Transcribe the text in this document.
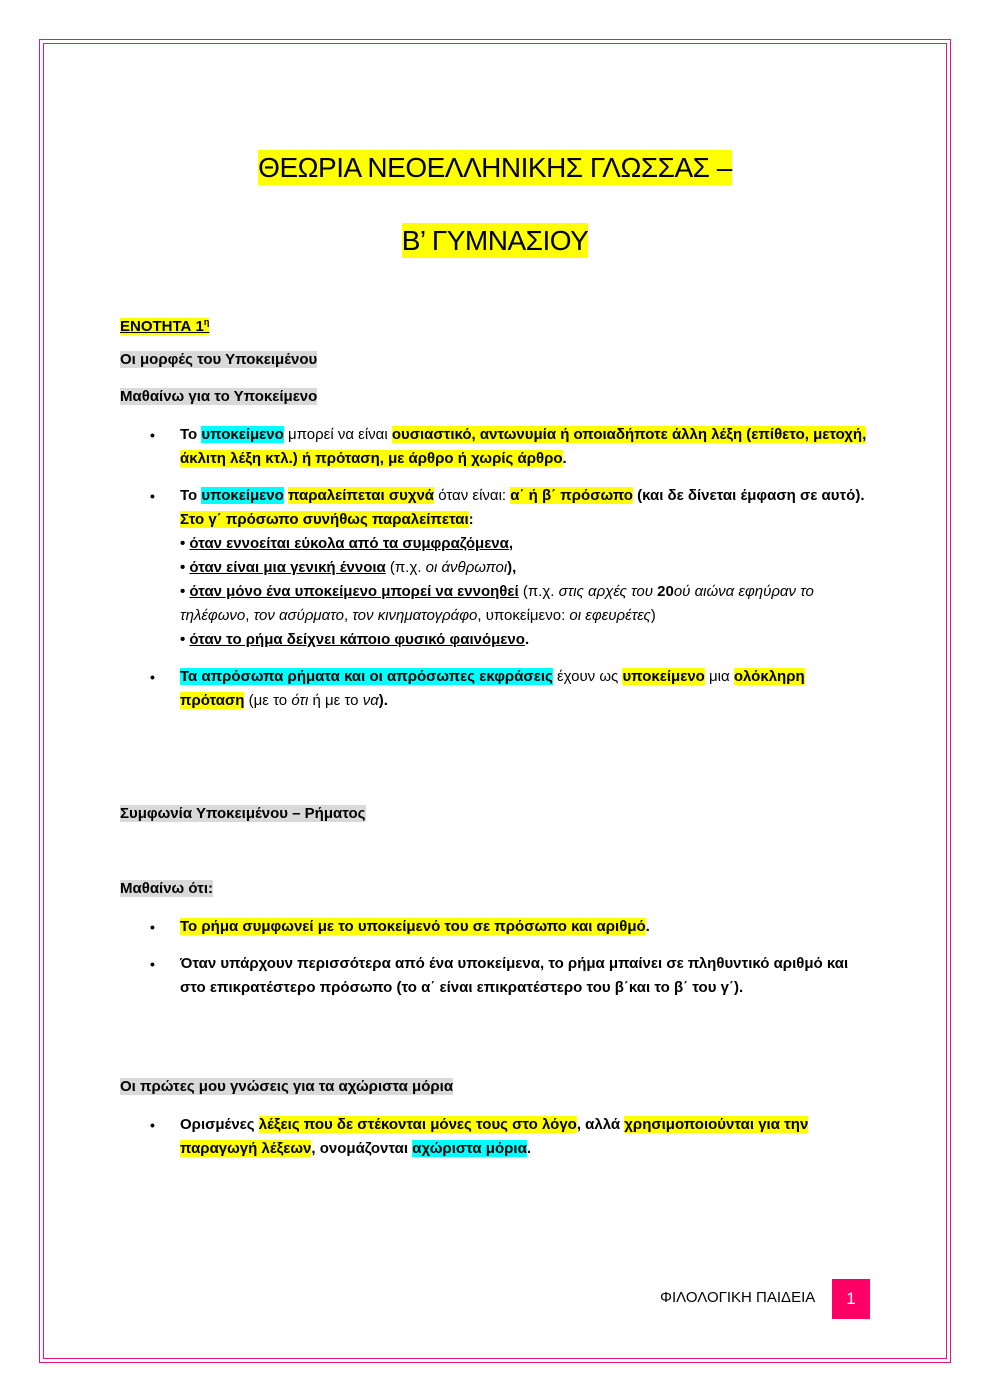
ΘΕΩΡΙΑ ΝΕΟΕΛΛΗΝΙΚΗΣ ΓΛΩΣΣΑΣ –
Β’ ΓΥΜΝΑΣΙΟΥ
ΕΝΟΤΗΤΑ $1^\eta$
Οι μορφές του Υποκειμένου
Μαθαίνω για το Υποκείμενο
• Το υποκείμενο μπορεί να είναι ουσιαστικό, αντωνυμία ή οποιαδήποτε άλλη λέξη (επίθετο, μετοχή, άκλιτη λέξη κτλ.) ή πρόταση, με άρθρο ή χωρίς άρθρο.
• Το υποκείμενο παραλείπεται συχνά όταν είναι: α΄ ή β΄ πρόσωπο (και δε δίνεται έμφαση σε αυτό). Στο γ΄ πρόσωπο συνήθως παραλείπεται:
• όταν εννοείται εύκολα από τα συμφραζόμενα,
• όταν είναι μια γενική έννοια (π.χ. οι άνθρωποι),
• όταν μόνο ένα υποκείμενο μπορεί να εννοηθεί (π.χ. στις αρχές του 20ού αιώνα εφηύραν το τηλέφωνο, τον ασύρματο, τον κινηματογράφο, υποκείμενο: οι εφευρέτες)
• όταν το ρήμα δείχνει κάποιο φυσικό φαινόμενο.
• Τα απρόσωπα ρήματα και οι απρόσωπες εκφράσεις έχουν ως υποκείμενο μια ολόκληρη πρόταση (με το ότι ή με το να).
Συμφωνία Υποκειμένου – Ρήματος
Μαθαίνω ότι:
• Το ρήμα συμφωνεί με το υποκείμενό του σε πρόσωπο και αριθμό.
• Όταν υπάρχουν περισσότερα από ένα υποκείμενα, το ρήμα μπαίνει σε πληθυντικό αριθμό και στο επικρατέστερο πρόσωπο (το α΄ είναι επικρατέστερο του β΄και το β΄ του γ΄).
Οι πρώτες μου γνώσεις για τα αχώριστα μόρια
• Ορισμένες λέξεις που δε στέκονται μόνες τους στο λόγο, αλλά χρησιμοποιούνται για την παραγωγή λέξεων, ονομάζονται αχώριστα μόρια.
ΦΙΛΟΛΟΓΙΚΗ ΠΑΙΔΕΙΑ	1
